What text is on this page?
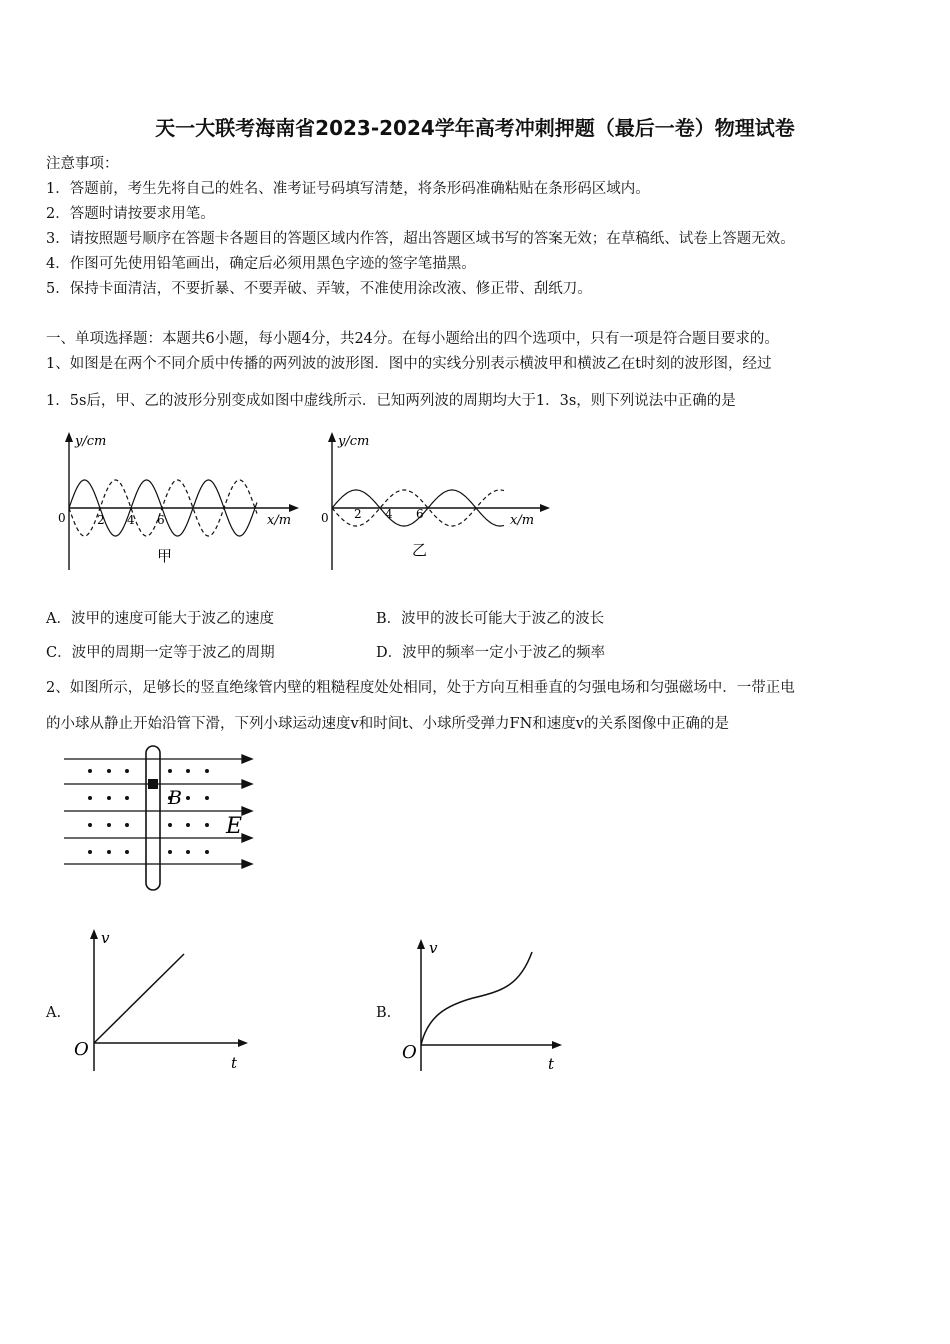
天一大联考海南省2023-2024学年高考冲刺押题（最后一卷）物理试卷
注意事项：
1．答题前，考生先将自己的姓名、准考证号码填写清楚，将条形码准确粘贴在条形码区域内。
2．答题时请按要求用笔。
3．请按照题号顺序在答题卡各题目的答题区域内作答，超出答题区域书写的答案无效；在草稿纸、试卷上答题无效。
4．作图可先使用铅笔画出，确定后必须用黑色字迹的签字笔描黑。
5．保持卡面清洁，不要折暴、不要弄破、弄皱，不准使用涂改液、修正带、刮纸刀。
一、单项选择题：本题共6小题，每小题4分，共24分。在每小题给出的四个选项中，只有一项是符合题目要求的。
1、如图是在两个不同介质中传播的两列波的波形图．图中的实线分别表示横波甲和横波乙在t时刻的波形图，经过
1．5s后，甲、乙的波形分别变成如图中虚线所示．已知两列波的周期均大于1．3s，则下列说法中正确的是
y/cm
x/m
0	2 4 6
甲
y/cm
x/m
0 2 4 6
乙
A．波甲的速度可能大于波乙的速度	B．波甲的波长可能大于波乙的波长
C．波甲的周期一定等于波乙的周期	D．波甲的频率一定小于波乙的频率
2、如图所示，足够长的竖直绝缘管内壁的粗糙程度处处相同，处于方向互相垂直的匀强电场和匀强磁场中．一带正电
的小球从静止开始沿管下滑，下列小球运动速度v和时间t、小球所受弹力FN和速度v的关系图像中正确的是
B
E
A.
v
t
O
B.
v
t
O
